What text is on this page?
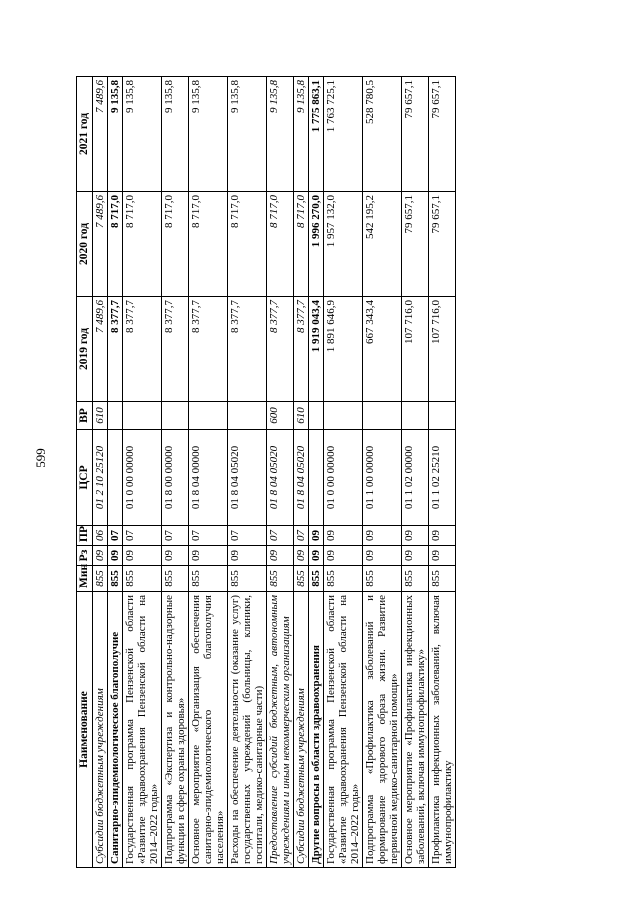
599
Наименование	Мин	Рз	ПР	ЦСР	ВР	2019 год	2020 год	2021 год
Субсидии бюджетным учреждениям	855	09	06	01 2 10 25120	610	7 489,6	7 489,6	7 489,6
Санитарно-эпидемиологическое благополучие	855	09	07			8 377,7	8 717,0	9 135,8
Государственная программа Пензенской области «Развитие здравоохранения Пензенской области на 2014–2022 годы»	855	09	07	01 0 00 00000		8 377,7	8 717,0	9 135,8
Подпрограмма «Экспертиза и контрольно-надзорные функции в сфере охраны здоровья»	855	09	07	01 8 00 00000		8 377,7	8 717,0	9 135,8
Основное мероприятие «Организация обеспечения санитарно-эпидемиологического благополучия населения»	855	09	07	01 8 04 00000		8 377,7	8 717,0	9 135,8
Расходы на обеспечение деятельности (оказание услуг) государственных учреждений (больницы, клиники, госпитали, медико-санитарные части)	855	09	07	01 8 04 05020		8 377,7	8 717,0	9 135,8
Предоставление субсидий бюджетным, автономным учреждениям и иным некоммерческим организациям	855	09	07	01 8 04 05020	600	8 377,7	8 717,0	9 135,8
Субсидии бюджетным учреждениям	855	09	07	01 8 04 05020	610	8 377,7	8 717,0	9 135,8
Другие вопросы в области здравоохранения	855	09	09			1 919 043,4	1 996 270,0	1 775 863,1
Государственная программа Пензенской области «Развитие здравоохранения Пензенской области на 2014–2022 годы»	855	09	09	01 0 00 00000		1 891 646,9	1 957 132,0	1 763 725,1
Подпрограмма «Профилактика заболеваний и формирование здорового образа жизни. Развитие первичной медико-санитарной помощи»	855	09	09	01 1 00 00000		667 343,4	542 195,2	528 780,5
Основное мероприятие «Профилактика инфекционных заболеваний, включая иммунопрофилактику»	855	09	09	01 1 02 00000		107 716,0	79 657,1	79 657,1
Профилактика инфекционных заболеваний, включая иммунопрофилактику	855	09	09	01 1 02 25210		107 716,0	79 657,1	79 657,1
